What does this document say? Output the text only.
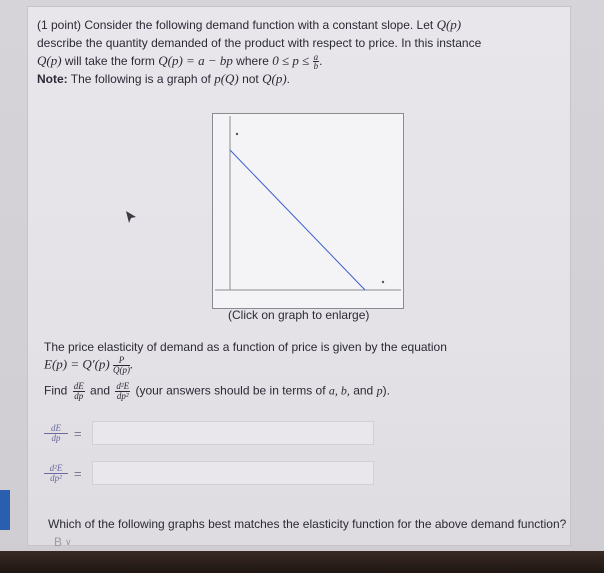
(1 point) Consider the following demand function with a constant slope. Let Q(p)
describe the quantity demanded of the product with respect to price. In this instance
Q(p) will take the form Q(p) = a − bp where $0 \le p \le \frac{a}{b}$ .
Note: The following is a graph of p(Q) not Q(p).
(Click on graph to enlarge)
The price elasticity of demand as a function of price is given by the equation
$E(p) = Q'(p) \frac{P}{Q(p)}$ .
Find $\frac{dE}{dp}$ and $\frac{\text{d²E}}{\text{dp²}}$ (your answers should be in terms of a, b, and p).
$\frac{dE}{dp}$ =
$\frac{\text{d²E}}{\text{dp²}}$ =
Which of the following graphs best matches the elasticity function for the above demand function? B ∨
